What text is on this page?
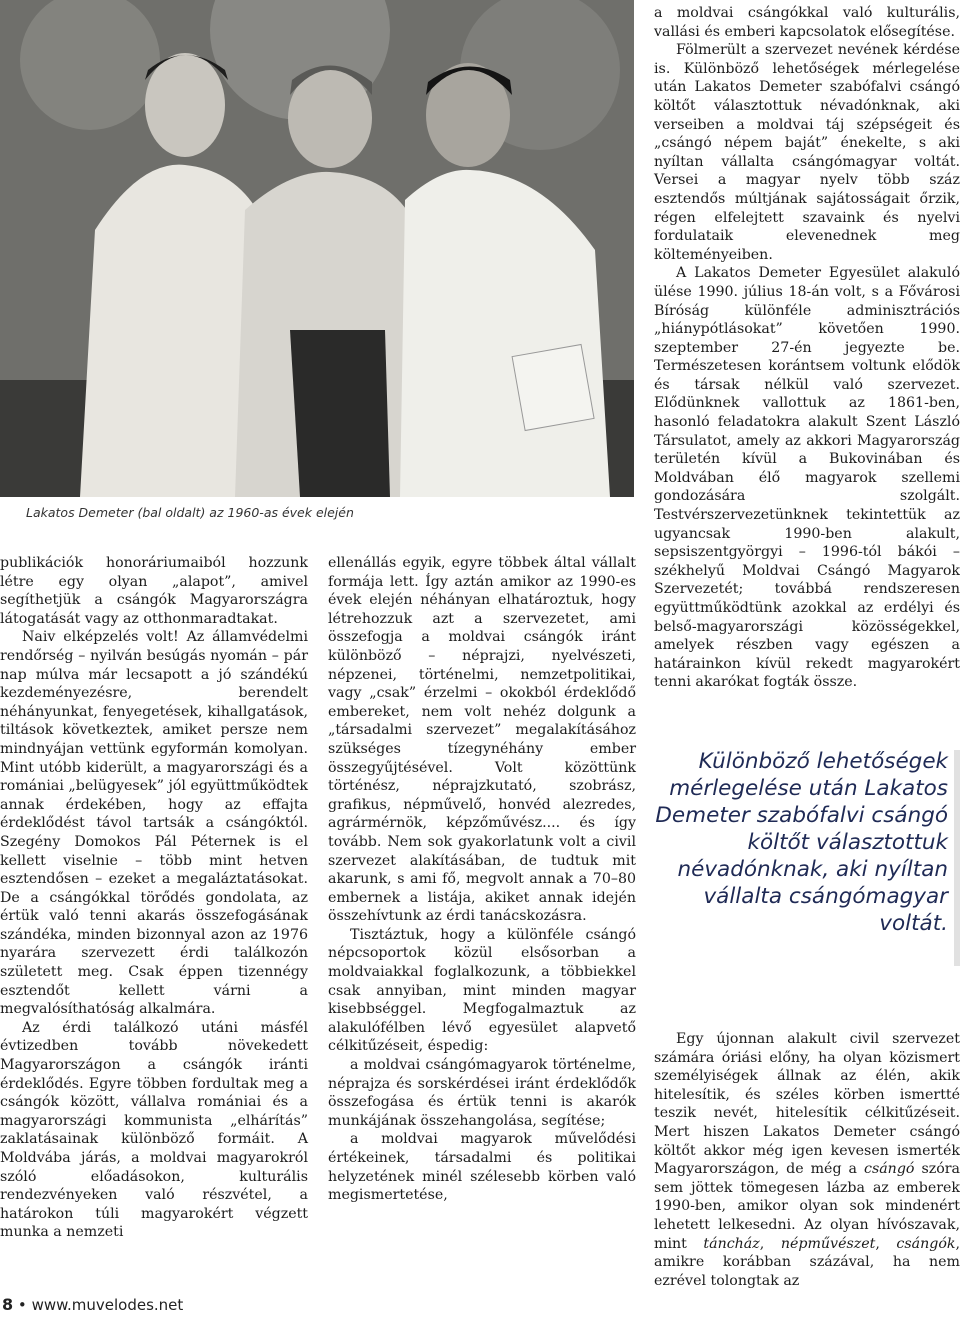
Lakatos Demeter (bal oldalt) az 1960-as évek elején

publikációk honoráriumaiból hozzunk létre egy olyan „alapot”, amivel segíthetjük a csángók Magyarországra látogatását vagy az otthonmaradtakat.

Naiv elképzelés volt! Az államvédelmi rendőrség – nyilván besúgás nyomán – pár nap múlva már lecsapott a jó szándékú kezdeményezésre, berendelt néhányunkat, fenyegetések, kihallgatások, tiltások következtek, amiket persze nem mindnyájan vettünk egyformán komolyan. Mint utóbb kiderült, a magyarországi és a romániai „belügyesek” jól együttműködtek annak érdekében, hogy az effajta érdeklődést távol tartsák a csángóktól. Szegény Domokos Pál Péternek is el kellett viselnie – több mint hetven esztendősen – ezeket a megaláztatásokat. De a csángókkal törődés gondolata, az értük való tenni akarás összefogásának szándéka, minden bizonnyal azon az 1976 nyarára szervezett érdi találkozón született meg. Csak éppen tizennégy esztendőt kellett várni a megvalósíthatóság alkalmára.

Az érdi találkozó utáni másfél évtizedben tovább növekedett Magyarországon a csángók iránti érdeklődés. Egyre többen fordultak meg a csángók között, vállalva romániai és a magyarországi kommunista „elhárítás” zaklatásainak különböző formáit. A Moldvába járás, a moldvai magyarokról szóló előadásokon, kulturális rendezvényeken való részvétel, a határokon túli magyarokért végzett munka a nemzeti

ellenállás egyik, egyre többek által vállalt formája lett. Így aztán amikor az 1990-es évek elején néhányan elhatároztuk, hogy létrehozzuk azt a szervezetet, ami összefogja a moldvai csángók iránt különböző – néprajzi, nyelvészeti, népzenei, történelmi, nemzetpolitikai, vagy „csak” érzelmi – okokból érdeklődő embereket, nem volt nehéz dolgunk a „társadalmi szervezet” megalakításához szükséges tízegynéhány ember összegyűjtésével. Volt közöttünk történész, néprajzkutató, szobrász, grafikus, népművelő, honvéd alezredes, agrármérnök, képzőművész.... és így tovább. Nem sok gyakorlatunk volt a civil szervezet alakításában, de tudtuk mit akarunk, s ami fő, megvolt annak a 70–80 embernek a listája, akiket annak idején összehívtunk az érdi tanácskozásra.

Tisztáztuk, hogy a különféle csángó népcsoportok közül elsősorban a moldvaiakkal foglalkozunk, a többiekkel csak annyiban, mint minden magyar kisebbséggel. Megfogalmaztuk az alakulófélben lévő egyesület alapvető célkitűzéseit, éspedig:

a moldvai csángómagyarok történelme, néprajza és sorskérdései iránt érdeklődők összefogása és értük tenni is akarók munkájának összehangolása, segítése;

a moldvai magyarok művelődési értékeinek, társadalmi és politikai helyzetének minél szélesebb körben való megismertetése,

a moldvai csángókkal való kulturális, vallási és emberi kapcsolatok elősegítése.

Fölmerült a szervezet nevének kérdése is. Különböző lehetőségek mérlegelése után Lakatos Demeter szabófalvi csángó költőt választottuk névadónknak, aki verseiben a moldvai táj szépségeit és „csángó népem baját” énekelte, s aki nyíltan vállalta csángómagyar voltát. Versei a magyar nyelv több száz esztendős múltjának sajátosságait őrzik, régen elfelejtett szavaink és nyelvi fordulataik elevenednek meg költeményeiben.

A Lakatos Demeter Egyesület alakuló ülése 1990. július 18-án volt, s a Fővárosi Bíróság különféle adminisztrációs „hiánypótlásokat” követően 1990. szeptember 27-én jegyezte be. Természetesen korántsem voltunk elődök és társak nélkül való szervezet. Elődünknek vallottuk az 1861-ben, hasonló feladatokra alakult Szent László Társulatot, amely az akkori Magyarország területén kívül a Bukovinában és Moldvában élő magyarok szellemi gondozására szolgált. Testvérszervezetünknek tekintettük az ugyancsak 1990-ben alakult, sepsiszentgyörgyi – 1996-tól bákói – székhelyű Moldvai Csángó Magyarok Szervezetét; továbbá rendszeresen együttműködtünk azokkal az erdélyi és belső-magyarországi közösségekkel, amelyek részben vagy egészen a határainkon kívül rekedt magyarokért tenni akarókat fogták össze.

Különböző lehetőségek mérlegelése után Lakatos Demeter szabófalvi csángó költőt választottuk névadónknak, aki nyíltan vállalta csángómagyar voltát.

Egy újonnan alakult civil szervezet számára óriási előny, ha olyan közismert személyiségek állnak az élén, akik hitelesítik, és széles körben ismertté teszik nevét, hitelesítik célkitűzéseit. Mert hiszen Lakatos Demeter csángó költőt akkor még igen kevesen ismerték Magyarországon, de még a csángó szóra sem jöttek tömegesen lázba az emberek 1990-ben, amikor olyan sok mindenért lehetett lelkesedni. Az olyan hívószavak, mint táncház, népművészet, csángók, amikre korábban százával, ha nem ezrével tolongtak az

8 • www.muvelodes.net
